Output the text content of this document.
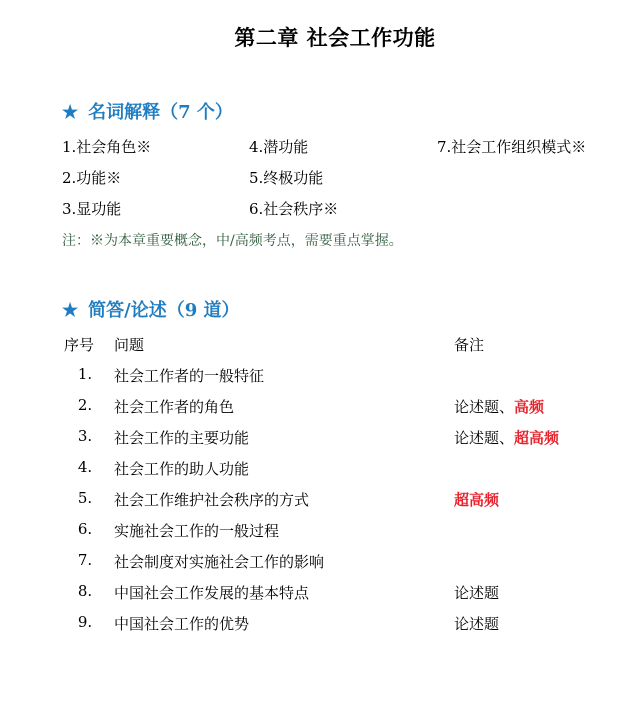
第二章 社会工作功能
★ 名词解释（7 个）
1.社会角色※	4.潜功能	7.社会工作组织模式※
2.功能※	5.终极功能
3.显功能	6.社会秩序※
注：※为本章重要概念，中/高频考点，需要重点掌握。
★ 简答/论述（9 道）
序号 问题	备注
1.	社会工作者的一般特征
2.	社会工作者的角色	论述题、高频
3.	社会工作的主要功能	论述题、超高频
4.	社会工作的助人功能
5.	社会工作维护社会秩序的方式	超高频
6.	实施社会工作的一般过程
7.	社会制度对实施社会工作的影响
8.	中国社会工作发展的基本特点	论述题
9.	中国社会工作的优势	论述题
